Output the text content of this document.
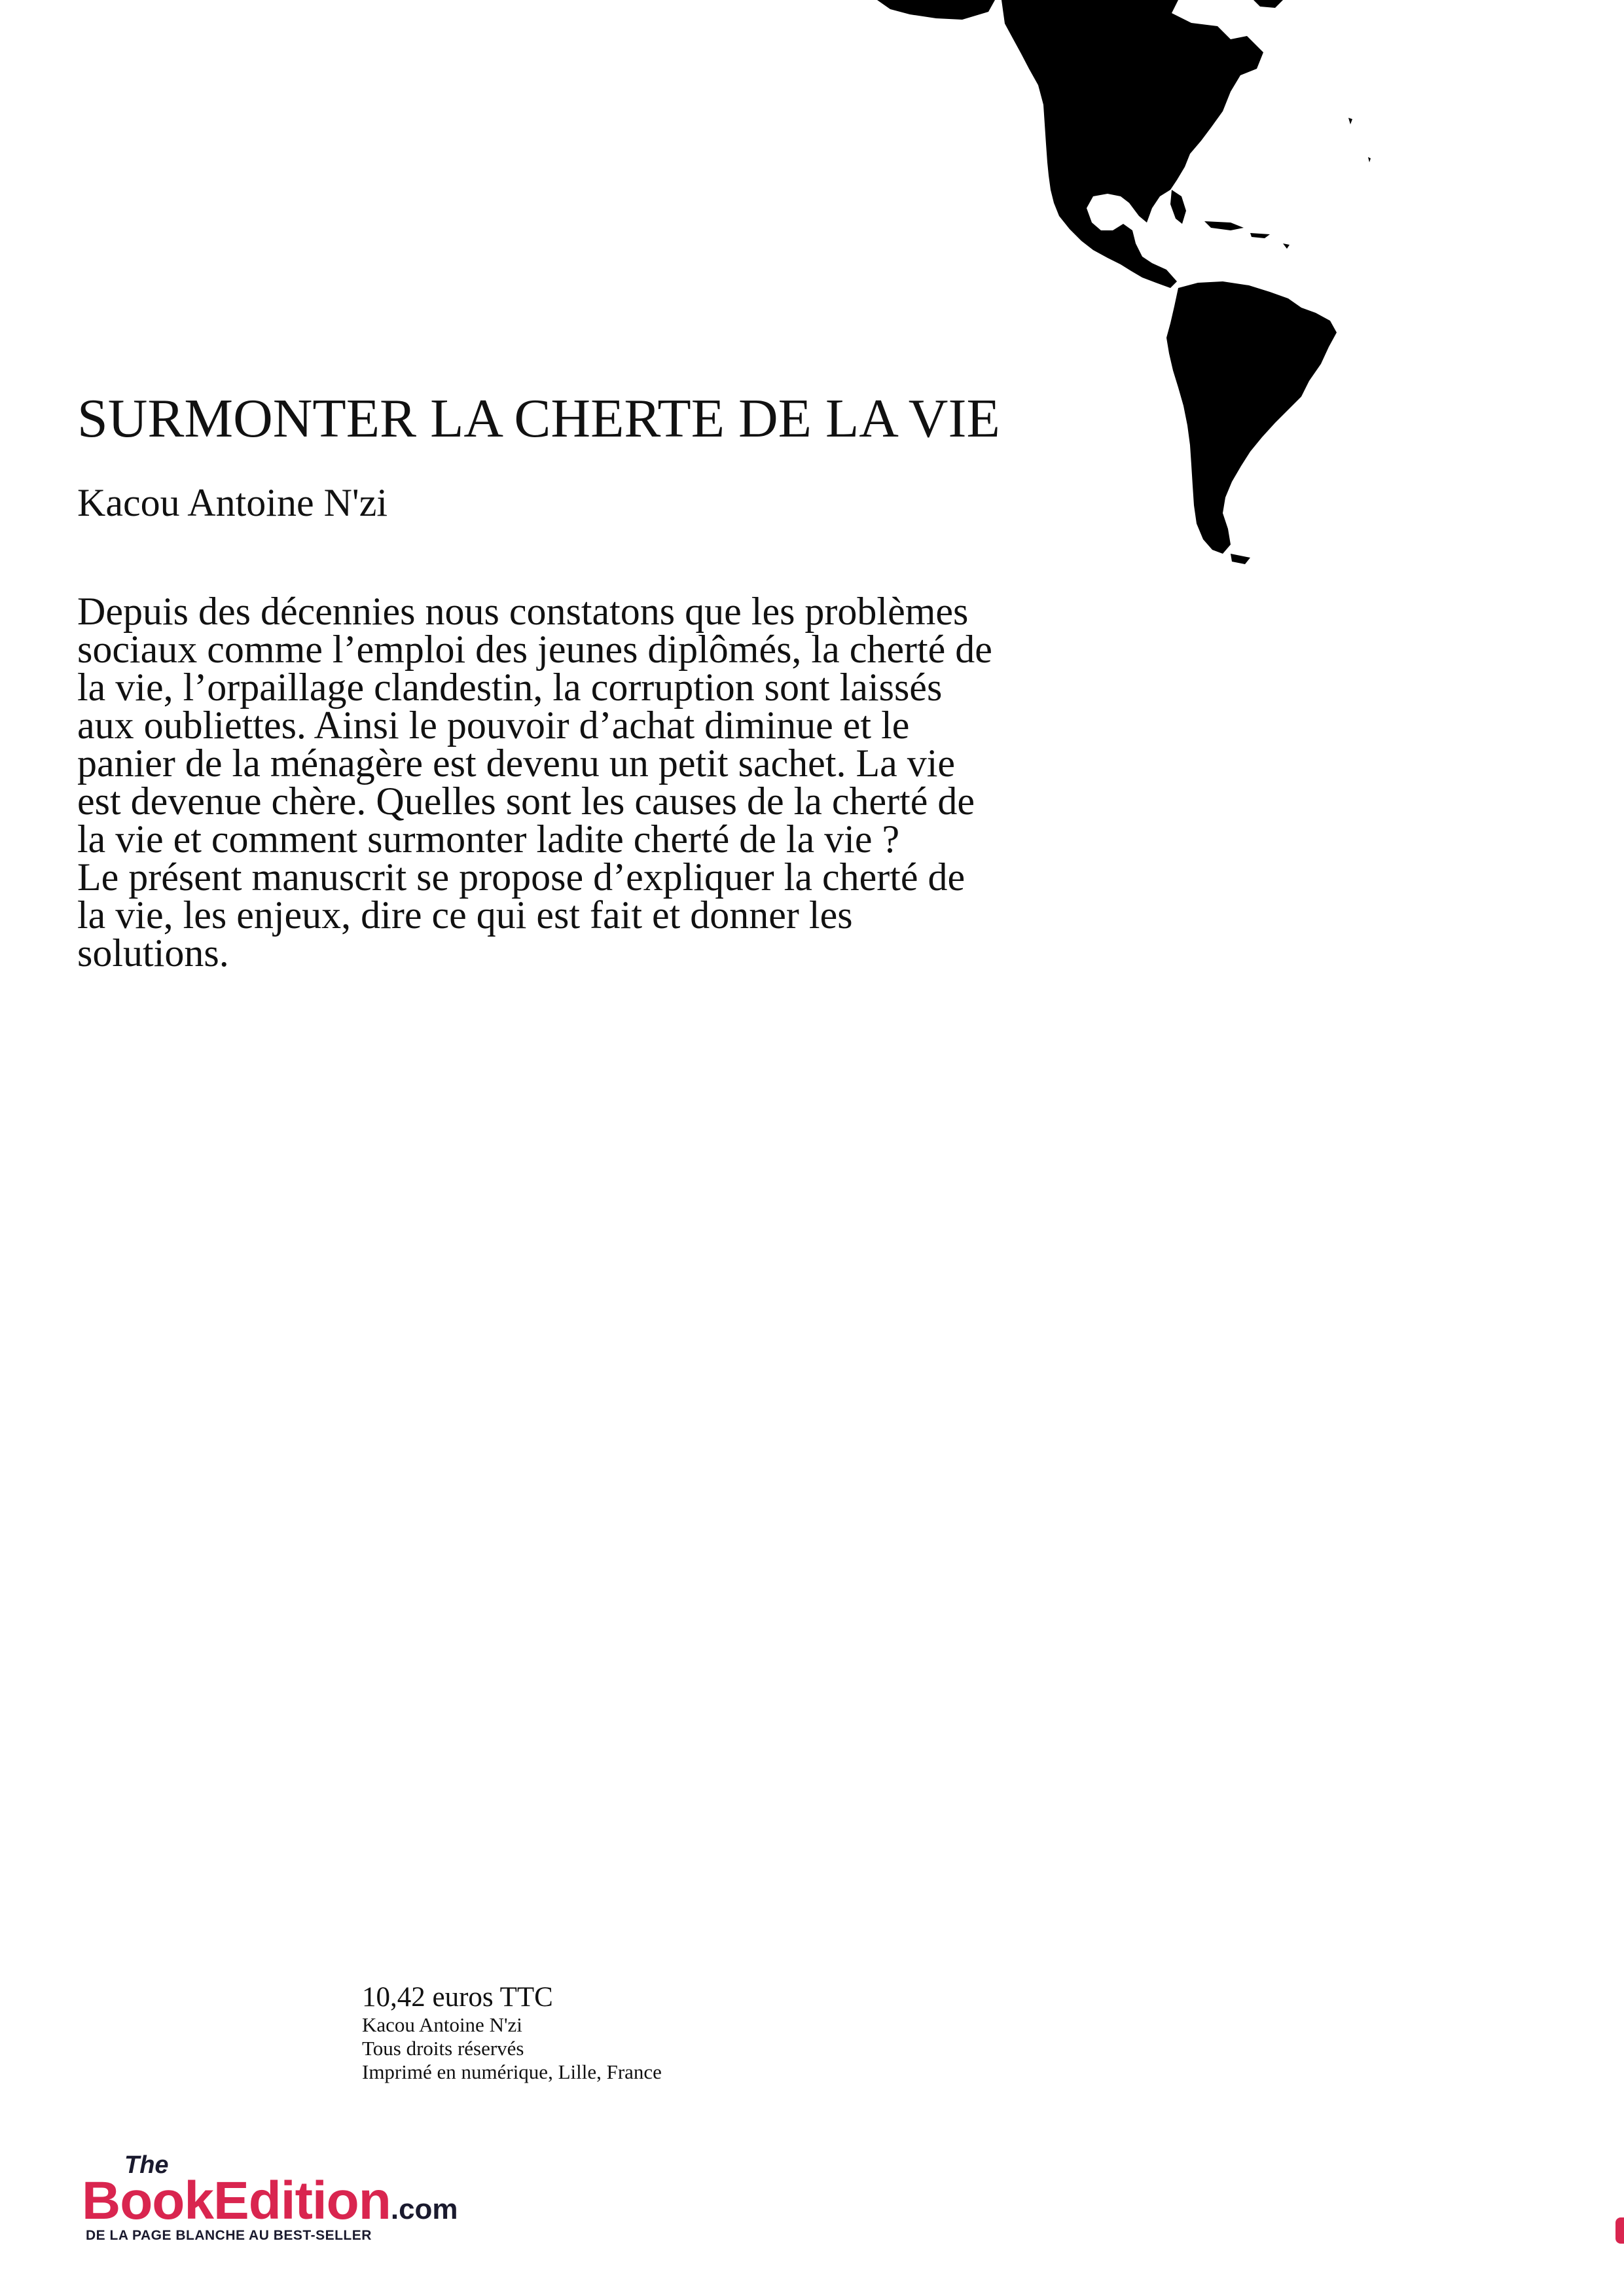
SURMONTER LA CHERTE DE LA VIE
Kacou Antoine N'zi

Depuis des décennies nous constatons que les problèmes
sociaux comme l’emploi des jeunes diplômés, la cherté de
la vie, l’orpaillage clandestin, la corruption sont laissés
aux oubliettes. Ainsi le pouvoir d’achat diminue et le
panier de la ménagère est devenu un petit sachet. La vie
est devenue chère. Quelles sont les causes de la cherté de
la vie et comment surmonter ladite cherté de la vie ?

Le présent manuscrit se propose d’expliquer la cherté de
la vie, les enjeux, dire ce qui est fait et donner les
solutions.

10,42 euros TTC
Kacou Antoine N'zi
Tous droits réservés
Imprimé en numérique, Lille, France
The
BookEdition.com
DE LA PAGE BLANCHE AU BEST-SELLER
